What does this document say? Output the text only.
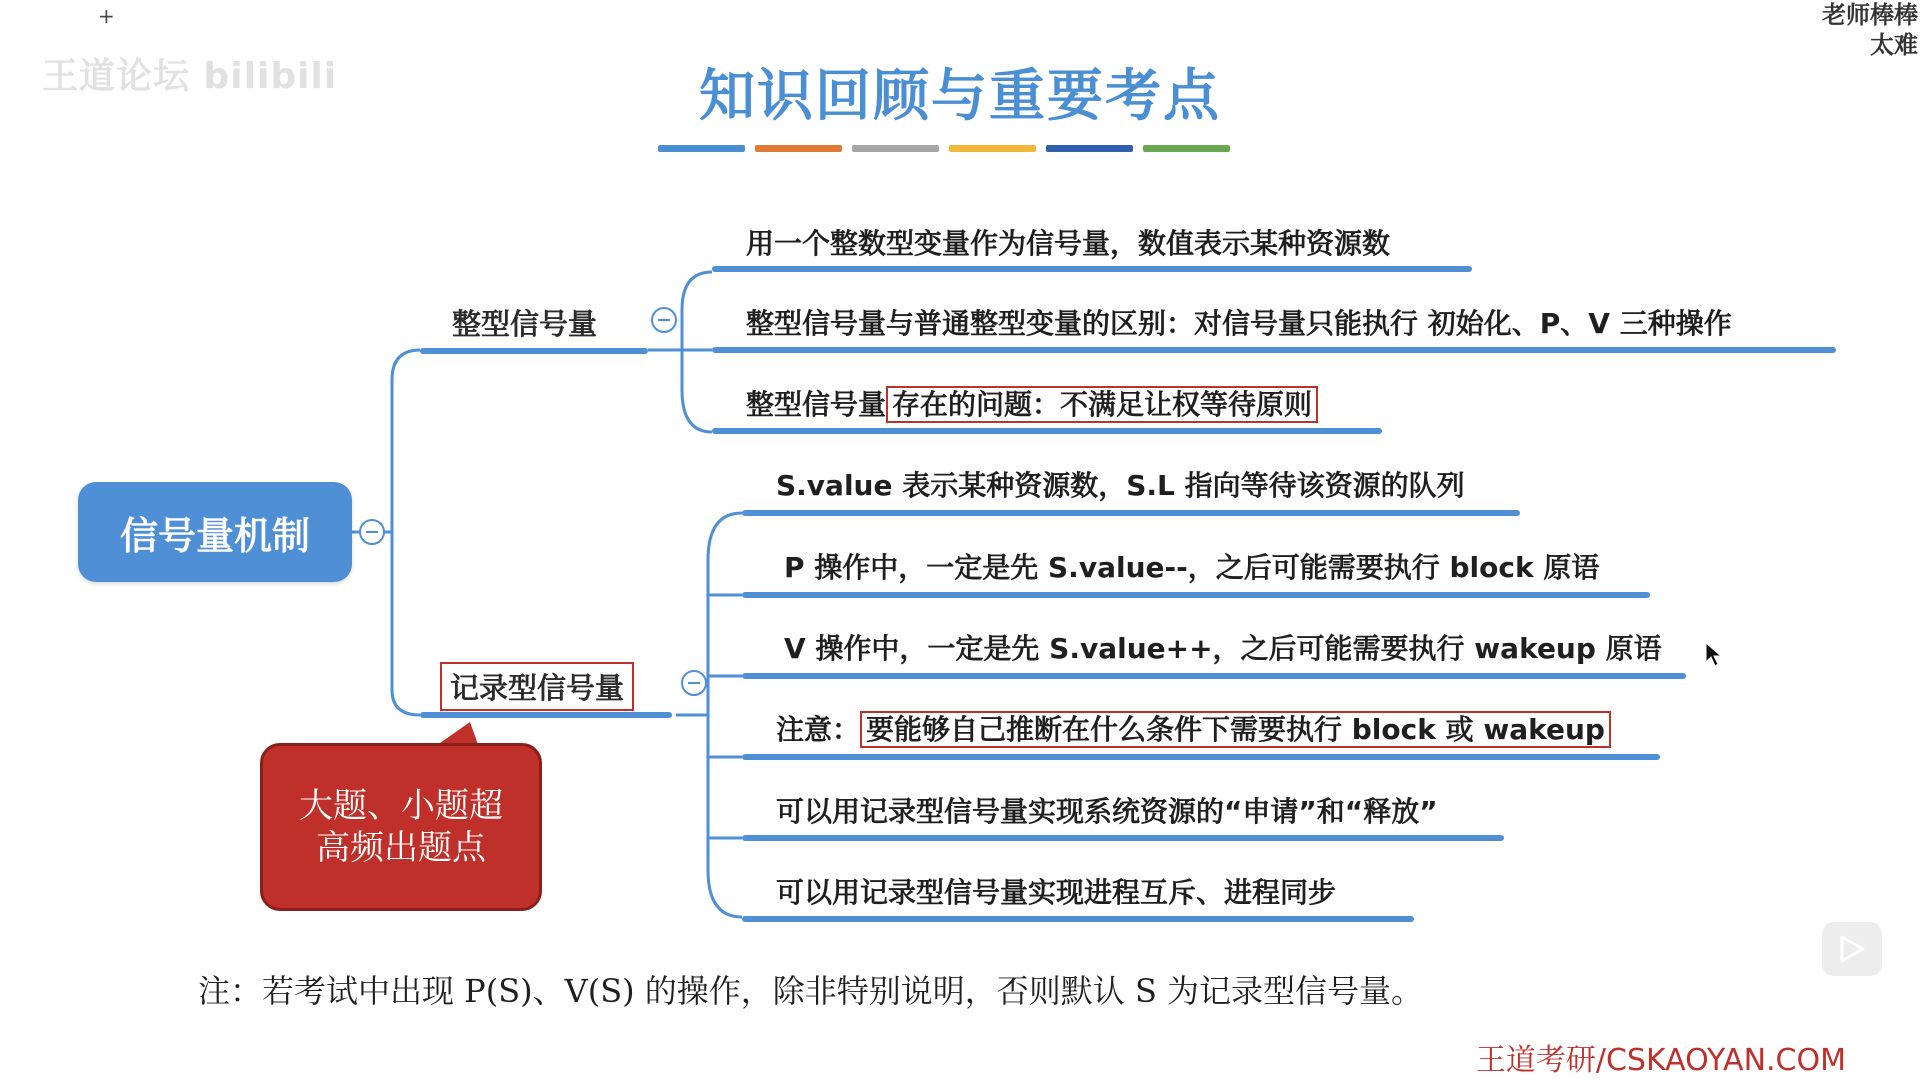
+
王道论坛 bilibili
老师棒棒
太难
知识回顾与重要考点
信号量机制
整型信号量
用一个整数型变量作为信号量，数值表示某种资源数
整型信号量与普通整型变量的区别：对信号量只能执行 初始化、P、V 三种操作
整型信号量 存在的问题：不满足让权等待原则
记录型信号量
S.value 表示某种资源数，S.L 指向等待该资源的队列
P 操作中，一定是先 S.value--，之后可能需要执行 block 原语
V 操作中，一定是先 S.value++，之后可能需要执行 wakeup 原语
注意： 要能够自己推断在什么条件下需要执行 block 或 wakeup
可以用记录型信号量实现系统资源的“申请”和“释放”
可以用记录型信号量实现进程互斥、进程同步
大题、小题超
高频出题点
注：若考试中出现 P(S)、V(S) 的操作，除非特别说明，否则默认 S 为记录型信号量。
王道考研/CSKAOYAN.COM
